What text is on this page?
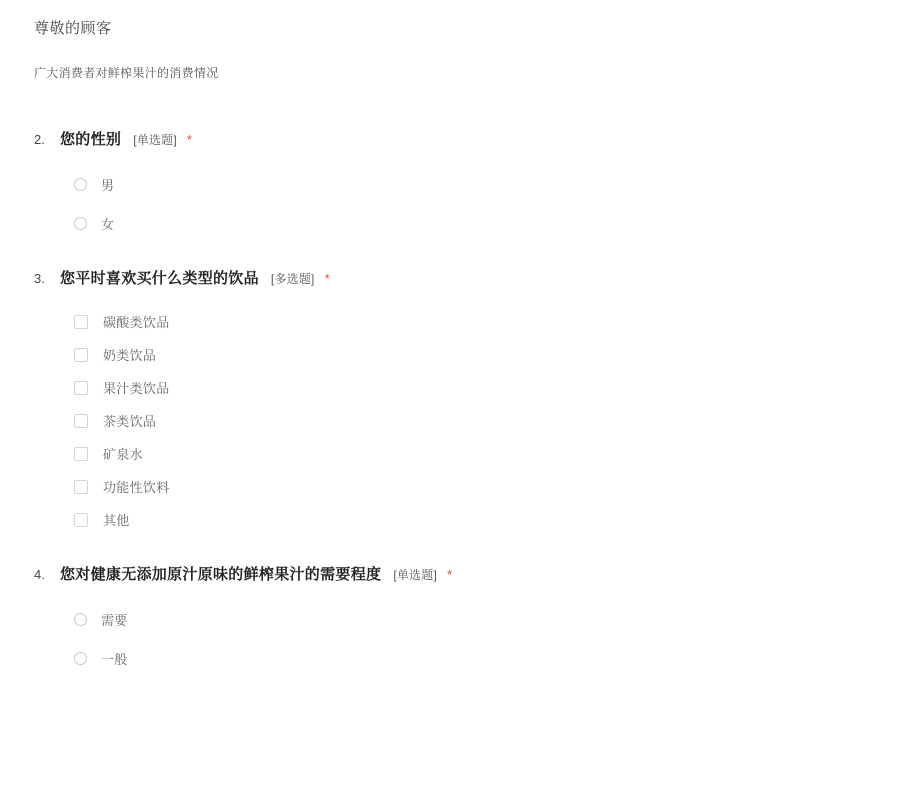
尊敬的顾客
广大消费者对鲜榨果汁的消费情况
2.	您的性别 [单选题] *
男
女
3.	您平时喜欢买什么类型的饮品 [多选题] *
碳酸类饮品
奶类饮品
果汁类饮品
茶类饮品
矿泉水
功能性饮料
其他
4.	您对健康无添加原汁原味的鲜榨果汁的需要程度 [单选题] *
需要
一般
